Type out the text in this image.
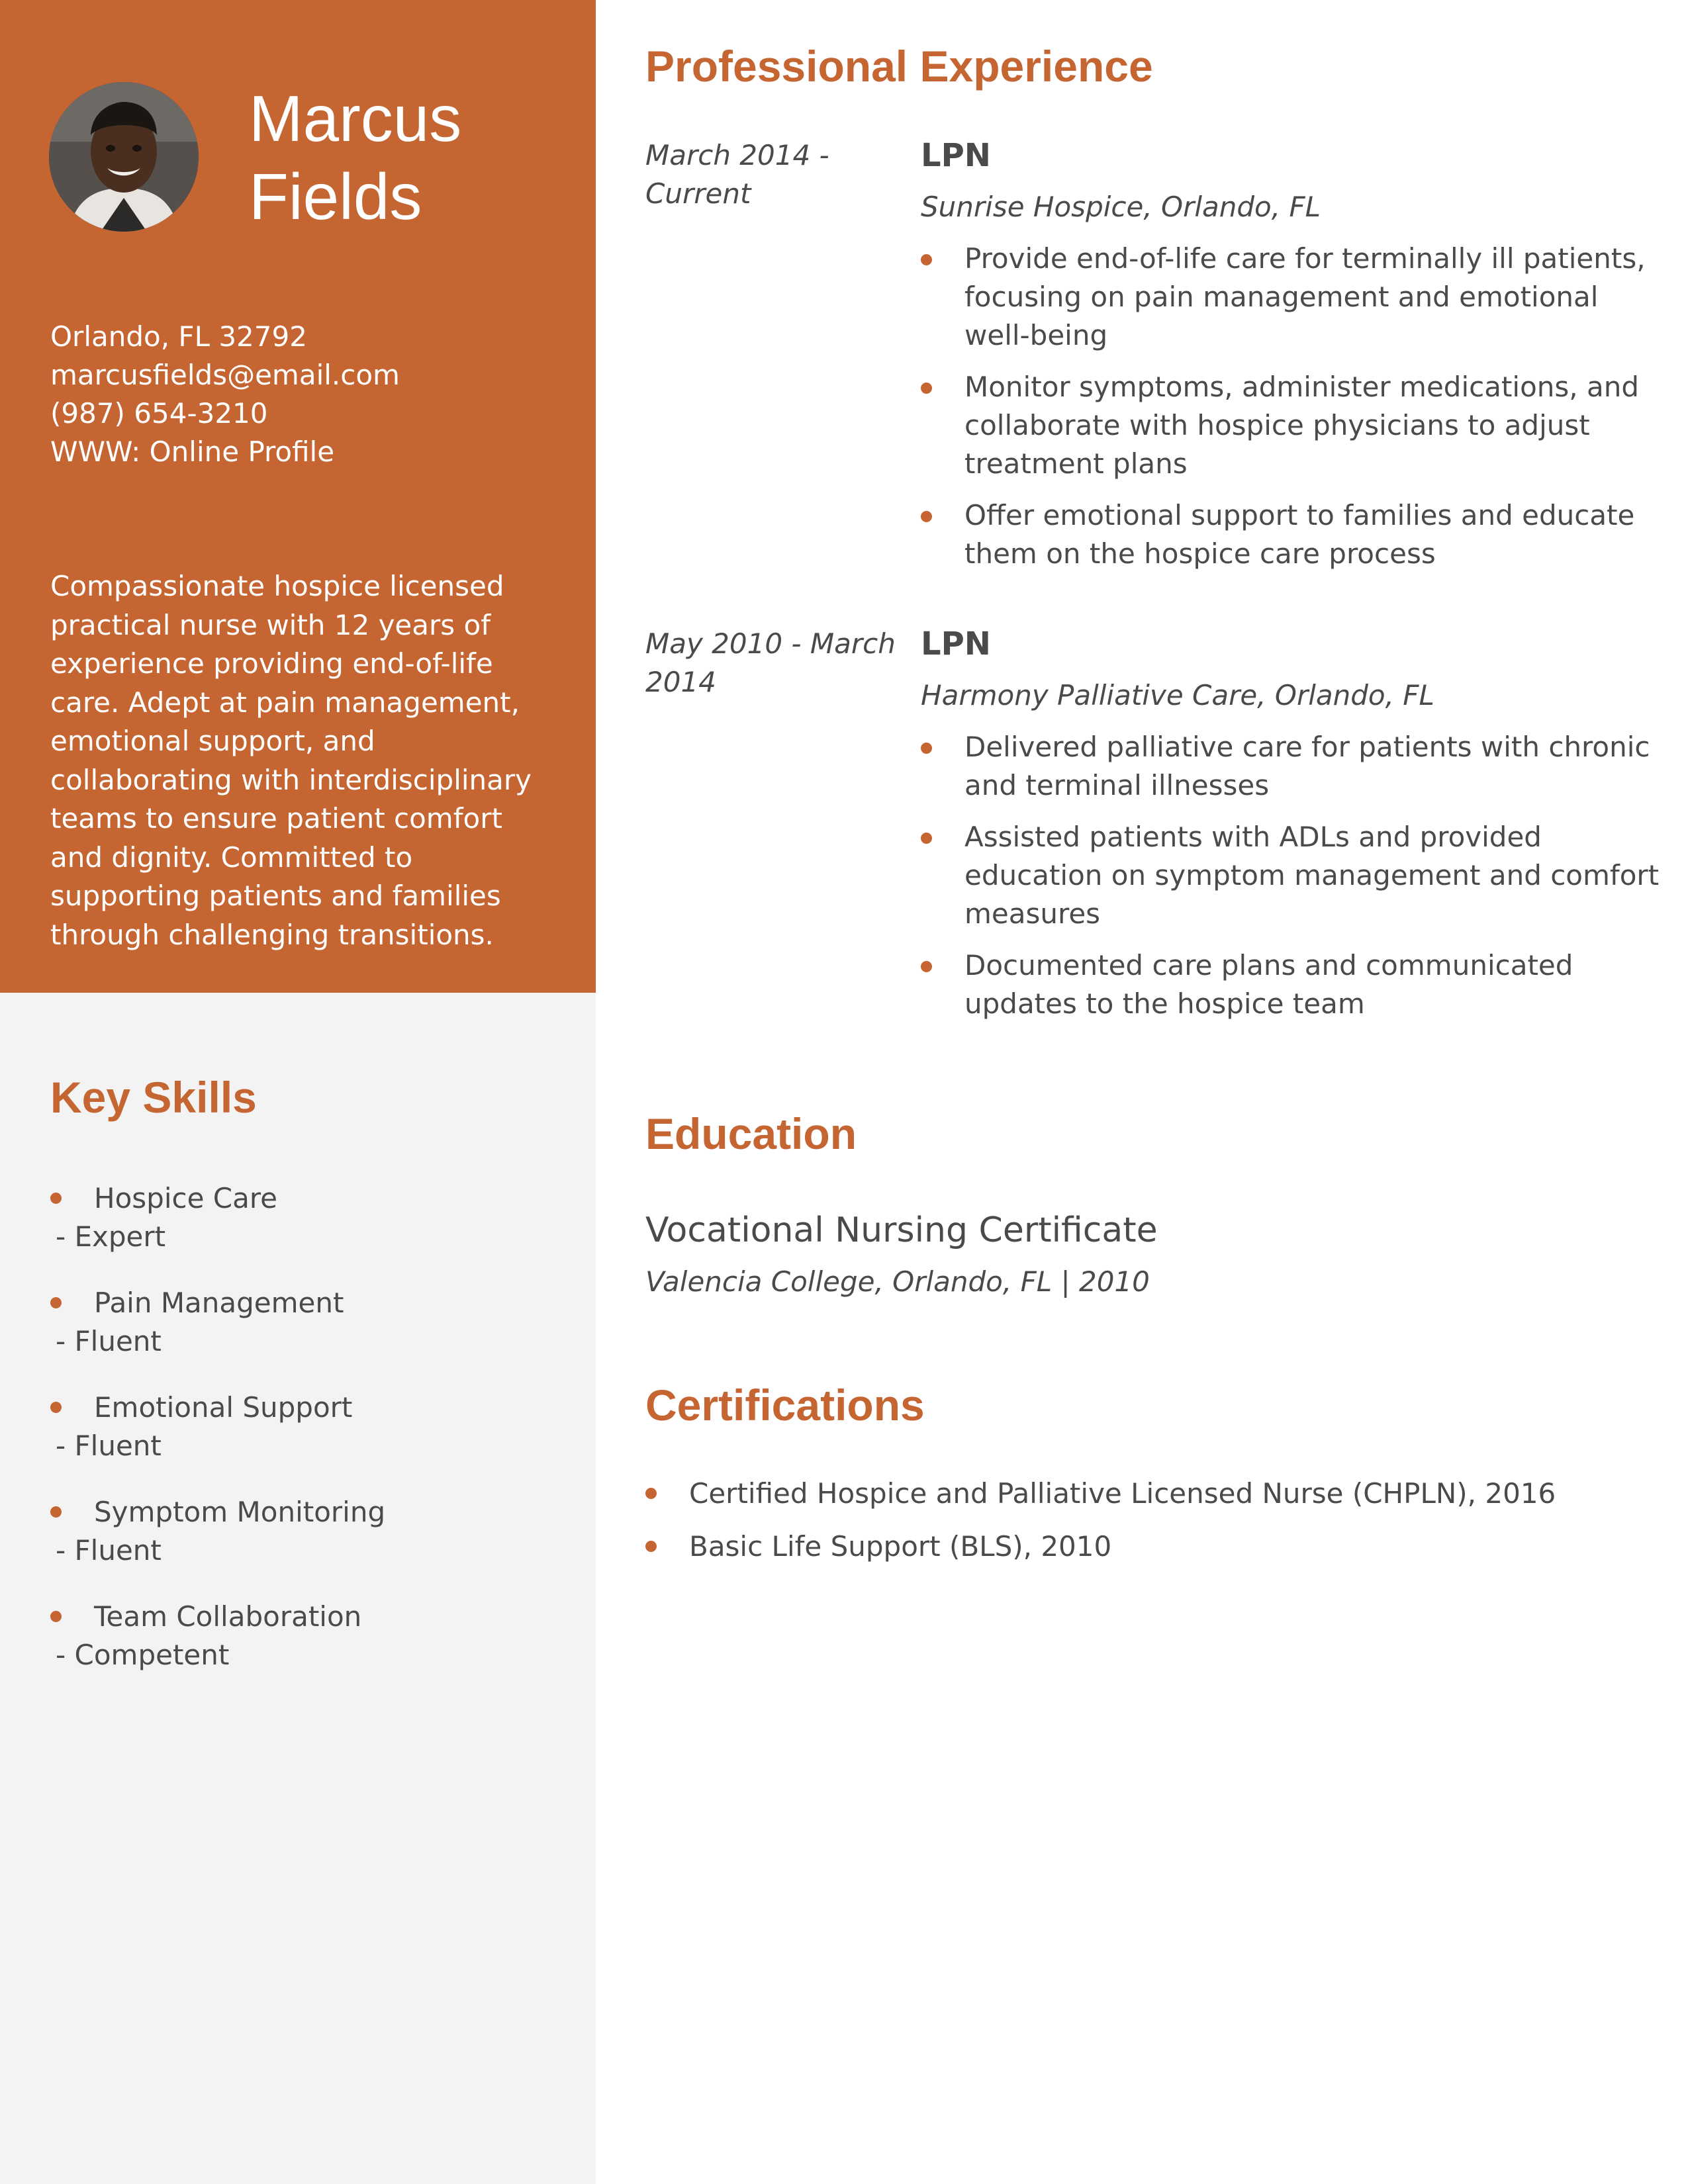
Marcus
Fields
Orlando, FL 32792
marcusfields@email.com
(987) 654-3210
WWW: Online Profile

Compassionate hospice licensed practical nurse with 12 years of experience providing end-of-life care. Adept at pain management, emotional support, and collaborating with interdisciplinary teams to ensure patient comfort and dignity. Committed to supporting patients and families through challenging transitions.

Key Skills
Hospice Care
- Expert
Pain Management
- Fluent
Emotional Support
- Fluent
Symptom Monitoring
- Fluent
Team Collaboration
- Competent
Professional Experience
March 2014 - Current
LPN
Sunrise Hospice, Orlando, FL
Provide end-of-life care for terminally ill patients, focusing on pain management and emotional well-being
Monitor symptoms, administer medications, and collaborate with hospice physicians to adjust treatment plans
Offer emotional support to families and educate them on the hospice care process
May 2010 - March 2014
LPN
Harmony Palliative Care, Orlando, FL
Delivered palliative care for patients with chronic and terminal illnesses
Assisted patients with ADLs and provided education on symptom management and comfort measures
Documented care plans and communicated updates to the hospice team
Education
Vocational Nursing Certificate
Valencia College, Orlando, FL | 2010
Certifications
Certified Hospice and Palliative Licensed Nurse (CHPLN), 2016
Basic Life Support (BLS), 2010
